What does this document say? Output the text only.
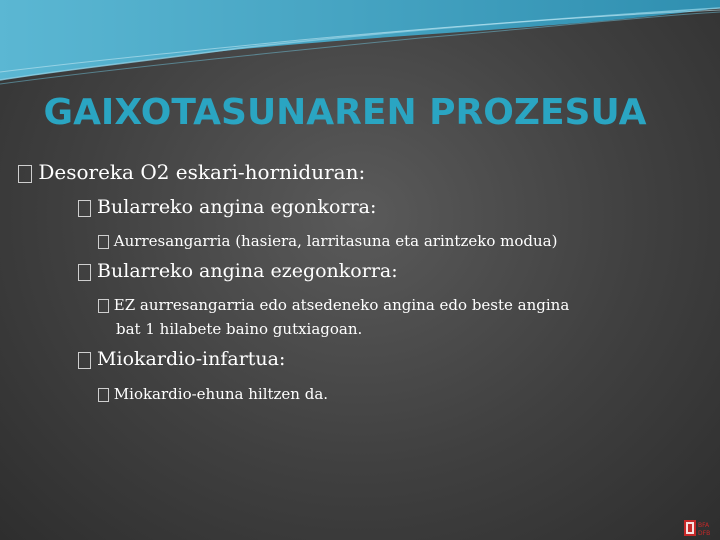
GAIXOTASUNAREN PROZESUA
Desoreka O2 eskari-horniduran:
Bularreko angina egonkorra:
Aurresangarria (hasiera, larritasuna eta arintzeko modua)
Bularreko angina ezegonkorra:
EZ aurresangarria edo atsedeneko angina edo beste angina
bat 1 hilabete baino gutxiagoan.
Miokardio-infartua:
Miokardio-ehuna hiltzen da.
BFA
DFB
